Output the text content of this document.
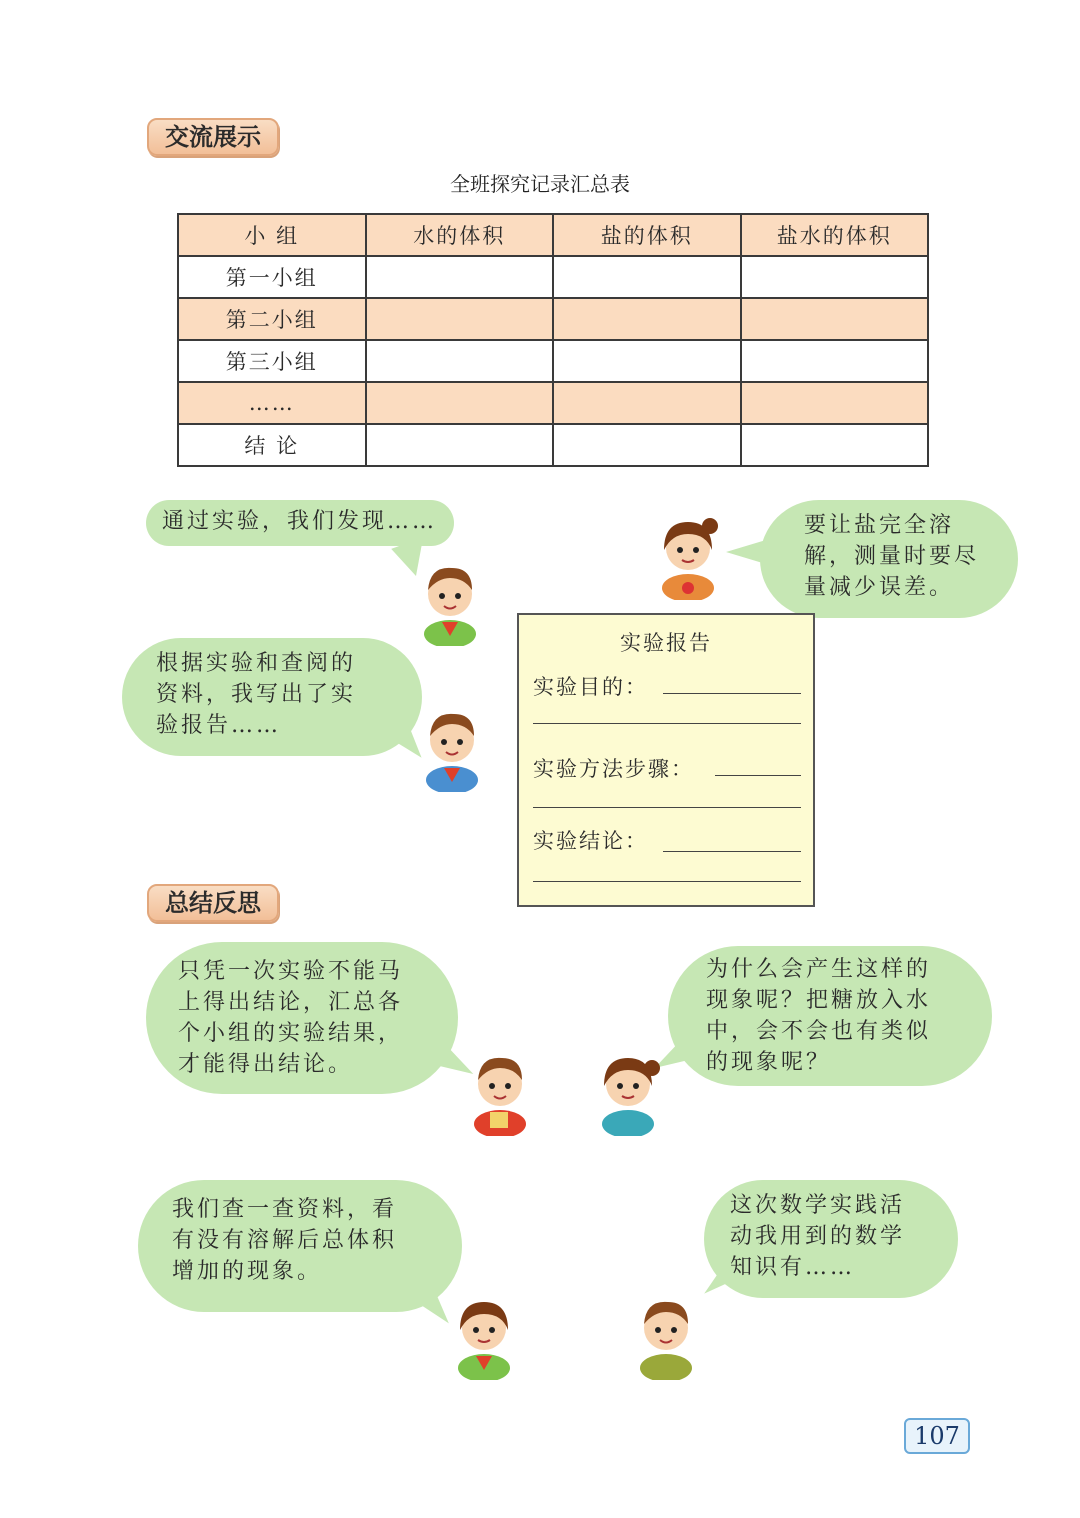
交流展示
总结反思
全班探究记录汇总表
小 组	水的体积	盐的体积	盐水的体积
第一小组			
第二小组			
第三小组			
……			
结 论			

通过实验，我们发现……	要让盐完全溶

解，测量时要尽

量减少误差。

根据实验和查阅的

资料，我写出了实

验报告……

实验报告
实验目的：
实验方法步骤：
实验结论：

只凭一次实验不能马

上得出结论，汇总各

个小组的实验结果，

才能得出结论。

为什么会产生这样的

现象呢？把糖放入水

中，会不会也有类似

的现象呢？

我们查一查资料，看

有没有溶解后总体积

增加的现象。

这次数学实践活

动我用到的数学

知识有……

107
